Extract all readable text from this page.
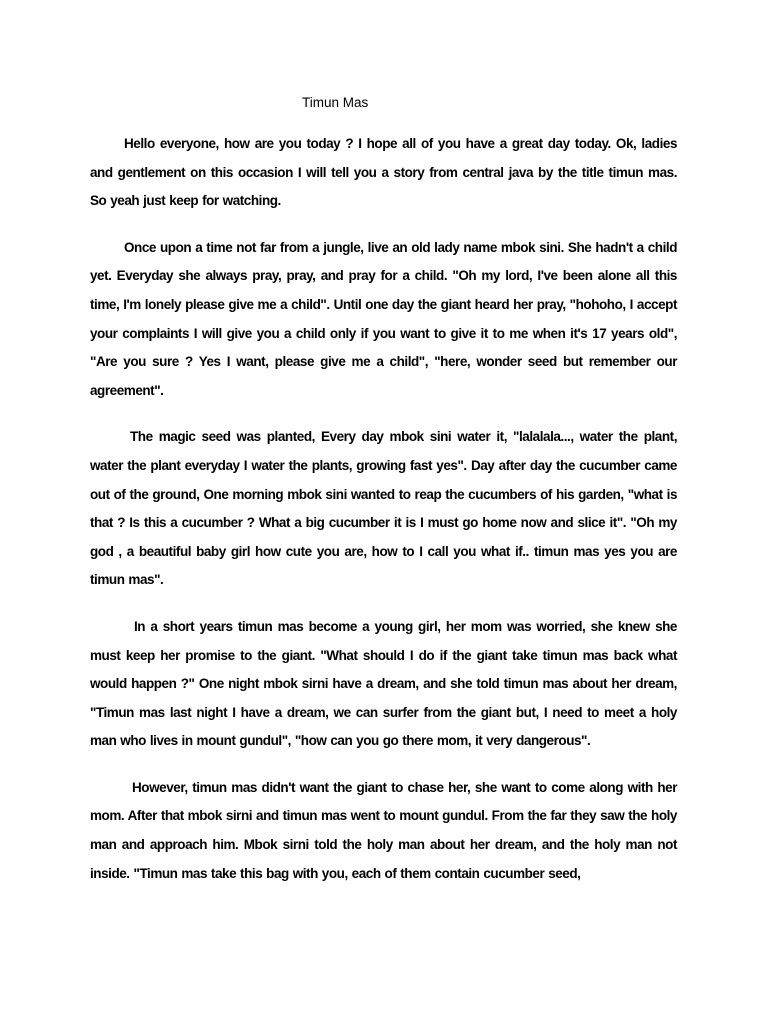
Timun Mas

Hello everyone, how are you today ? I hope all of you have a great day today. Ok, ladies and gentlement on this occasion I will tell you a story from central java by the title timun mas. So yeah just keep for watching.

Once upon a time not far from a jungle, live an old lady name mbok sini. She hadn't a child yet. Everyday she always pray, pray, and pray for a child. "Oh my lord, I've been alone all this time, I'm lonely please give me a child". Until one day the giant heard her pray, "hohoho, I accept your complaints I will give you a child only if you want to give it to me when it's 17 years old", "Are you sure ? Yes I want, please give me a child", "here, wonder seed but remember our agreement".

The magic seed was planted, Every day mbok sini water it, "lalalala..., water the plant, water the plant everyday I water the plants, growing fast yes". Day after day the cucumber came out of the ground, One morning mbok sini wanted to reap the cucumbers of his garden, "what is that ? Is this a cucumber ? What a big cucumber it is I must go home now and slice it". "Oh my god , a beautiful baby girl how cute you are, how to I call you what if.. timun mas yes you are timun mas".

In a short years timun mas become a young girl, her mom was worried, she knew she must keep her promise to the giant. "What should I do if the giant take timun mas back what would happen ?" One night mbok sirni have a dream, and she told timun mas about her dream, "Timun mas last night I have a dream, we can surfer from the giant but, I need to meet a holy man who lives in mount gundul", "how can you go there mom, it very dangerous".

However, timun mas didn't want the giant to chase her, she want to come along with her mom. After that mbok sirni and timun mas went to mount gundul. From the far they saw the holy man and approach him. Mbok sirni told the holy man about her dream, and the holy man not inside. "Timun mas take this bag with you, each of them contain cucumber seed,
